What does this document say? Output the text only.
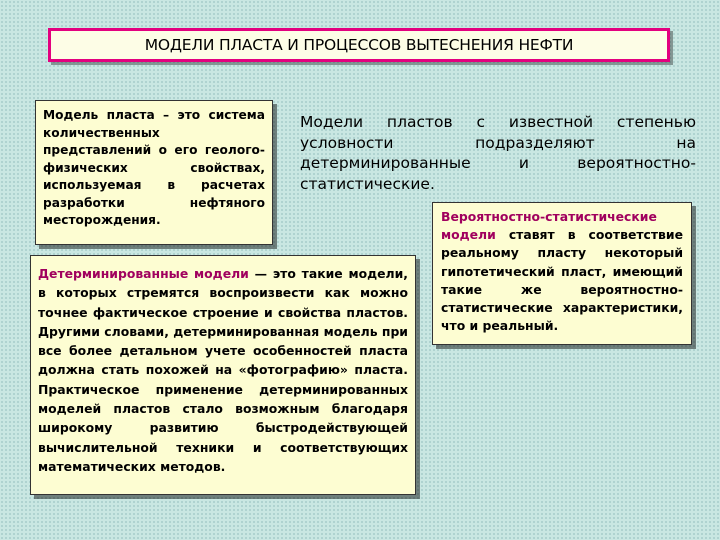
МОДЕЛИ ПЛАСТА И ПРОЦЕССОВ ВЫТЕСНЕНИЯ НЕФТИ
Модель пласта – это система количественных представлений о его геолого-физических свойствах, используемая в расчетах разработки нефтяного месторождения.
Модели пластов с известной степенью условности подразделяют на детерминированные и вероятностно-статистические.
Детерминированные модели — это такие модели, в которых стремятся воспроизвести как можно точнее фактическое строение и свойства пластов. Другими словами, детерминированная модель при все более детальном учете особенностей пласта должна стать похожей на «фотографию» пласта. Практическое применение детерминированных моделей пластов стало возможным благодаря широкому развитию быстродействующей вычислительной техники и соответствующих математических методов.
Вероятностно-статистические модели ставят в соответствие реальному пласту некоторый гипотетический пласт, имеющий такие же вероятностно-статистические характеристики, что и реальный.
